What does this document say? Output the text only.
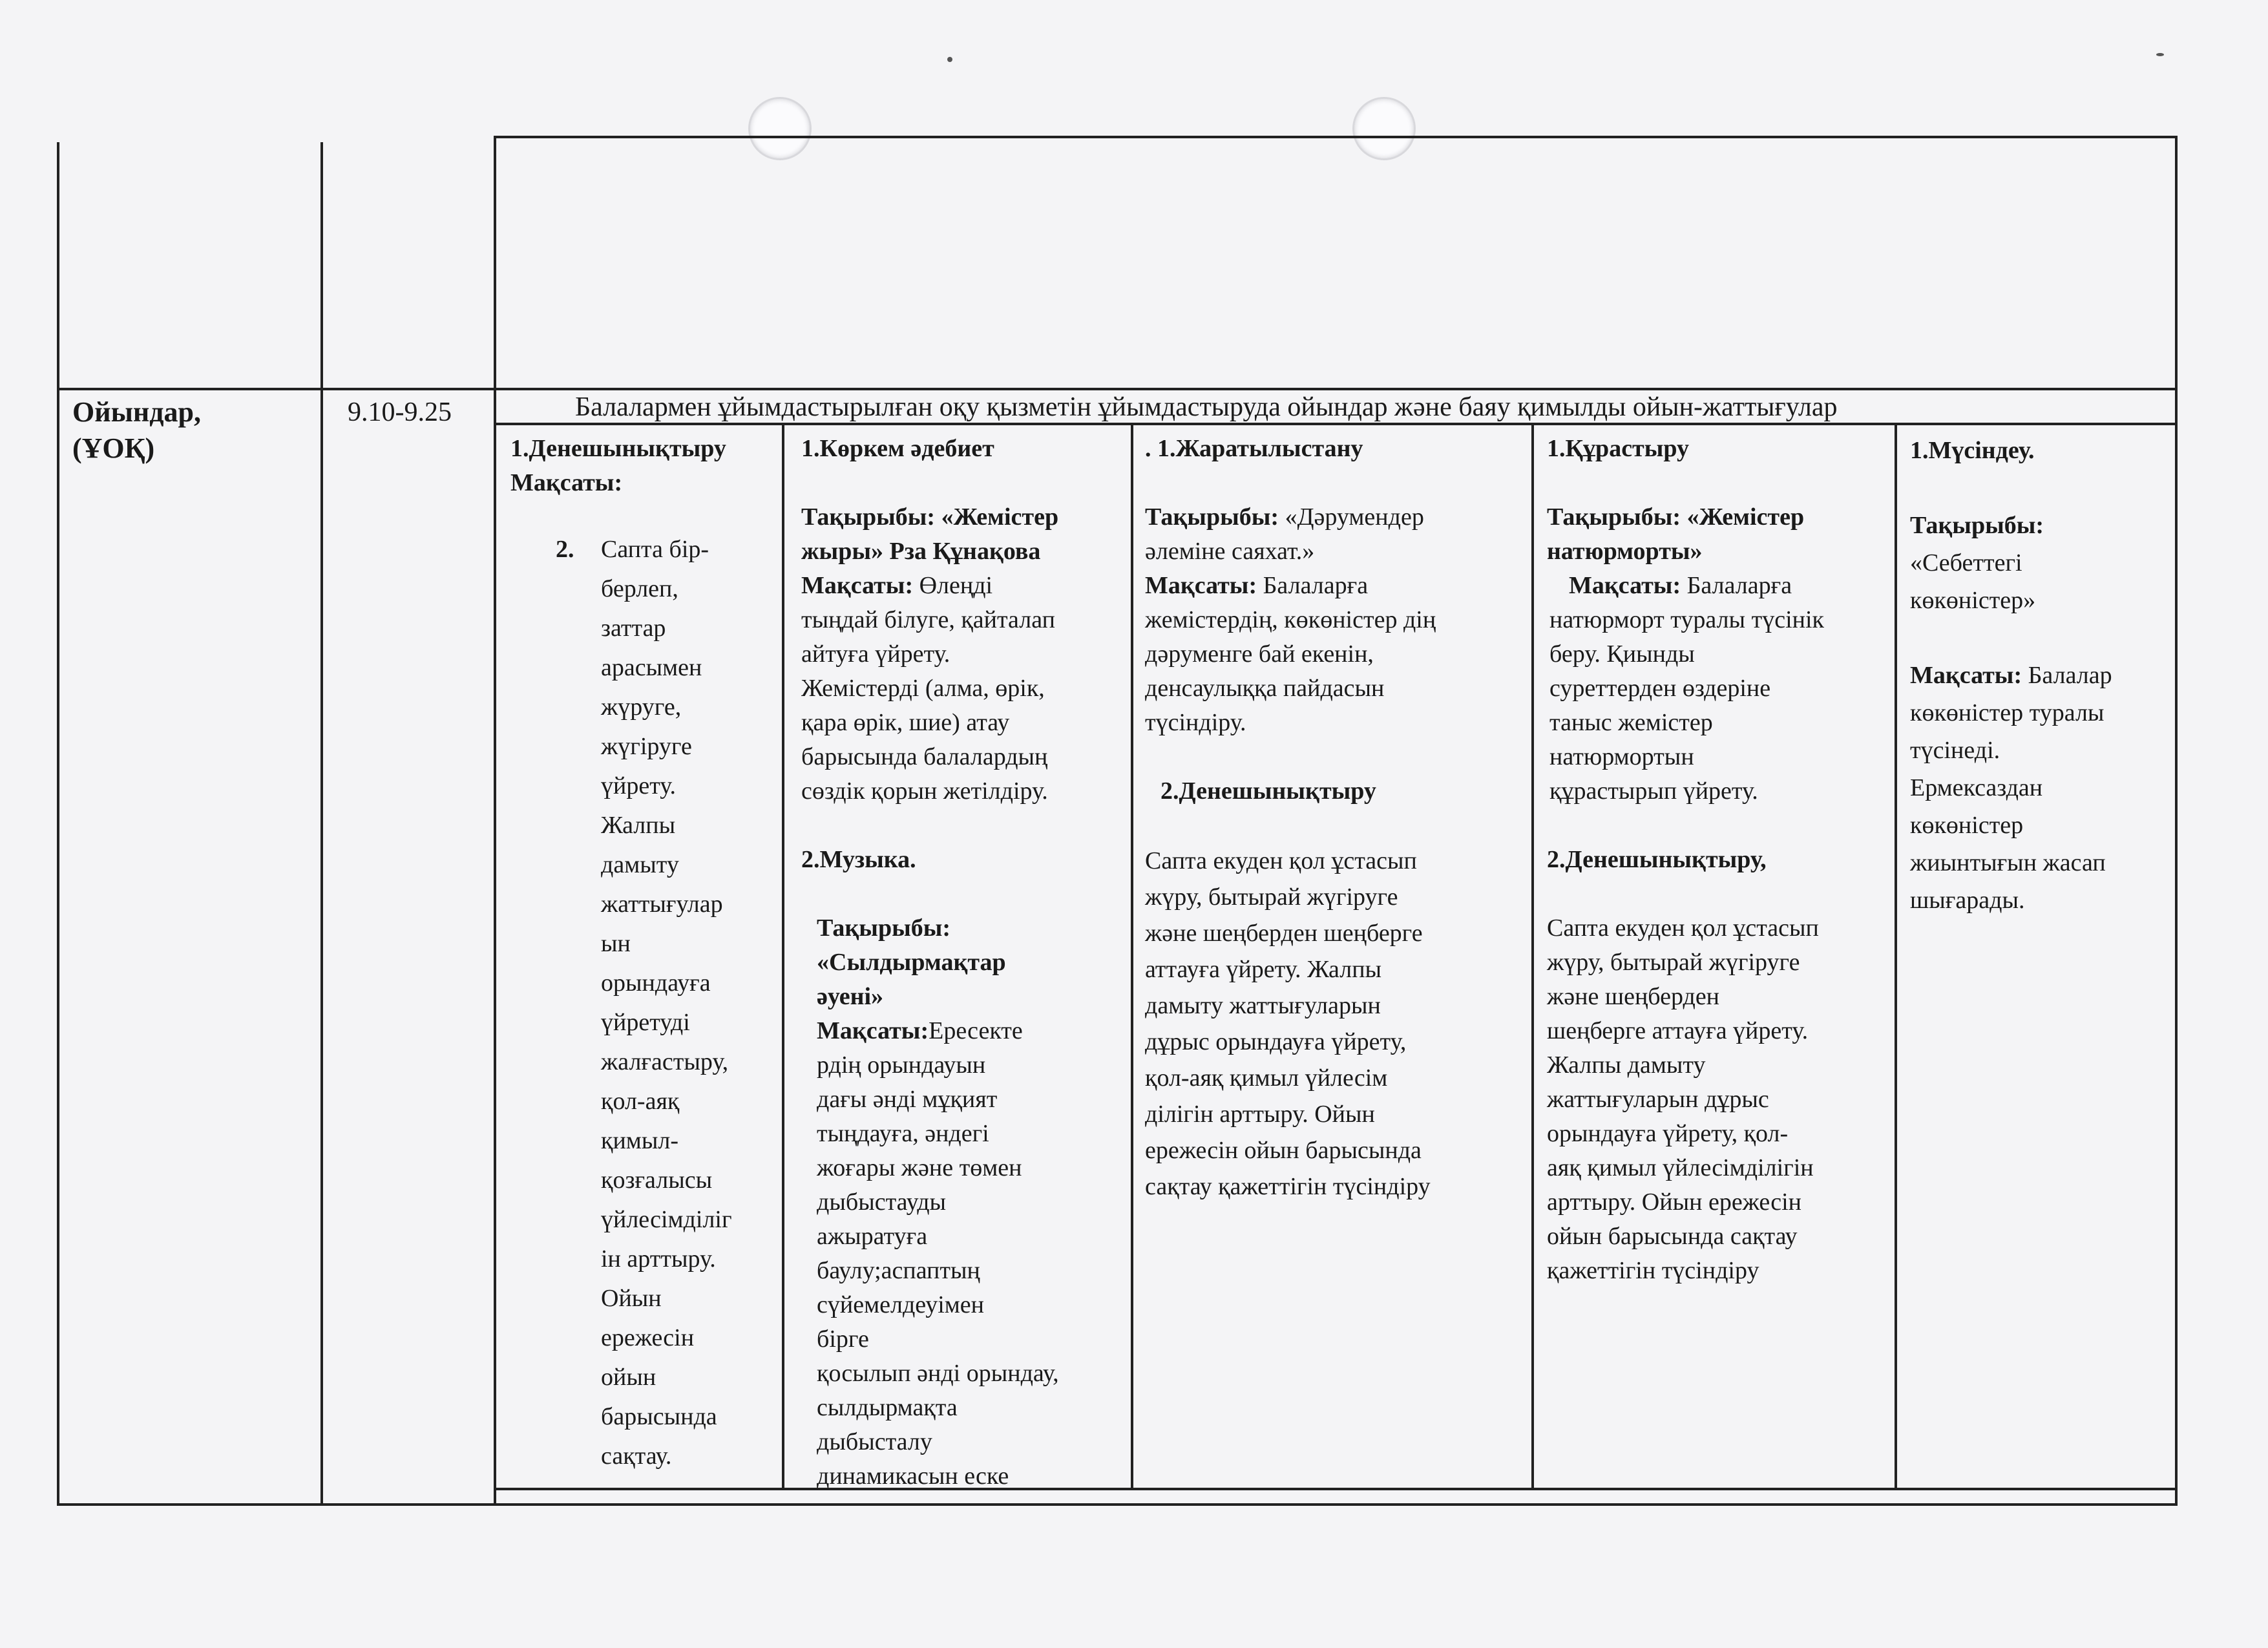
Ойындар,
(ҰОҚ)
9.10-9.25	Балалармен ұйымдастырылған оқу қызметін ұйымдастыруда ойындар және баяу қимылды ойын-жаттығулар
1.Денешынықтыру
Мақсаты:
2.	Сапта бір-
берлеп,
заттар
арасымен
жүруге,
жүгіруге
үйрету.
Жалпы
дамыту
жаттығулар
ын
орындауға
үйретуді
жалғастыру,
қол-аяқ
қимыл-
қозғалысы
үйлесімділіг
ін арттыру.
Ойын
ережесін
ойын
барысында
сақтау.
1.Көркем әдебиет
Тақырыбы: «Жемістер
жыры» Рза Құнақова
Мақсаты: Өлеңді
тыңдай білуге, қайталап
айтуға үйрету.
Жемістерді (алма, өрік,
қара өрік, шие) атау
барысында балалардың
сөздік қорын жетілдіру.
2.Музыка.
Тақырыбы:
«Сылдырмақтар
әуені»
Мақсаты:Ересекте
рдің орындауын
дағы әнді мұқият
тыңдауға, әндегі
жоғары және төмен
дыбыстауды
ажыратуға
баулу;аспаптың
сүйемелдеуімен
бірге
қосылып әнді орындау,
сылдырмақта
дыбысталу
динамикасын еске
. 1.Жаратылыстану
Тақырыбы: «Дәрумендер
әлеміне саяхат.»
Мақсаты: Балаларға
жемістердің, көкөністер дің
дәруменге бай екенін,
денсаулыққа пайдасын
түсіндіру.
2.Денешынықтыру
Сапта екуден қол ұстасып
жүру, бытырай жүгіруге
және шеңберден шеңберге
аттауға үйрету. Жалпы
дамыту жаттығуларын
дұрыс орындауға үйрету,
қол-аяқ қимыл үйлесім
ділігін арттыру. Ойын
ережесін ойын барысында
сақтау қажеттігін түсіндіру
1.Құрастыру
Тақырыбы: «Жемістер
натюрморты»
Мақсаты: Балаларға
натюрморт туралы түсінік
беру. Қиынды
суреттерден өздеріне
таныс жемістер
натюрмортын
құрастырып үйрету.
2.Денешынықтыру,
Сапта екуден қол ұстасып
жүру, бытырай жүгіруге
және шеңберден
шеңберге аттауға үйрету.
Жалпы дамыту
жаттығуларын дұрыс
орындауға үйрету, қол-
аяқ қимыл үйлесімділігін
арттыру. Ойын ережесін
ойын барысында сақтау
қажеттігін түсіндіру
1.Мүсіндеу.
Тақырыбы:
«Себеттегі
көкөністер»
Мақсаты: Балалар
көкөністер туралы
түсінеді.
Ермексаздан
көкөністер
жиынтығын жасап
шығарады.
